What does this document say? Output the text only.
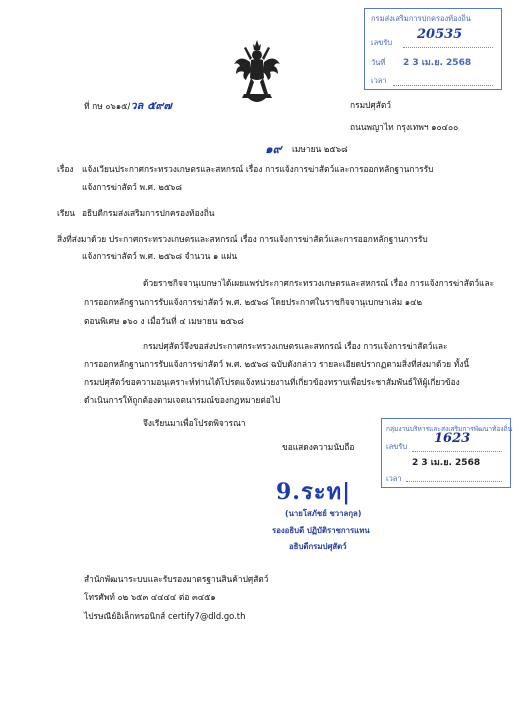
กรมส่งเสริมการปกครองท้องถิ่น
เลขรับ
20535
วันที่ 2 3 เม.ย. 2568
เวลา
ที่ กษ ๐๖๑๕/วล ๕๙๗	กรมปศุสัตว์
ถนนพญาไท กรุงเทพฯ ๑๐๔๐๐
๑๙ เมษายน ๒๕๖๘
เรื่อง แจ้งเวียนประกาศกระทรวงเกษตรและสหกรณ์ เรื่อง การแจ้งการฆ่าสัตว์และการออกหลักฐานการรับ
แจ้งการฆ่าสัตว์ พ.ศ. ๒๕๖๘
เรียน อธิบดีกรมส่งเสริมการปกครองท้องถิ่น
สิ่งที่ส่งมาด้วย ประกาศกระทรวงเกษตรและสหกรณ์ เรื่อง การแจ้งการฆ่าสัตว์และการออกหลักฐานการรับ
แจ้งการฆ่าสัตว์ พ.ศ. ๒๕๖๘ จำนวน ๑ แผ่น
ด้วยราชกิจจานุเบกษาได้เผยแพร่ประกาศกระทรวงเกษตรและสหกรณ์ เรื่อง การแจ้งการฆ่าสัตว์และ
การออกหลักฐานการรับแจ้งการฆ่าสัตว์ พ.ศ. ๒๕๖๘ โดยประกาศในราชกิจจานุเบกษาเล่ม ๑๔๒
ตอนพิเศษ ๑๖๐ ง เมื่อวันที่ ๔ เมษายน ๒๕๖๘
กรมปศุสัตว์จึงขอส่งประกาศกระทรวงเกษตรและสหกรณ์ เรื่อง การแจ้งการฆ่าสัตว์และ
การออกหลักฐานการรับแจ้งการฆ่าสัตว์ พ.ศ. ๒๕๖๘ ฉบับดังกล่าว รายละเอียดปรากฏตามสิ่งที่ส่งมาด้วย ทั้งนี้
กรมปศุสัตว์ขอความอนุเคราะห์ท่านได้โปรดแจ้งหน่วยงานที่เกี่ยวข้องทราบเพื่อประชาสัมพันธ์ให้ผู้เกี่ยวข้อง
ดำเนินการให้ถูกต้องตามเจตนารมณ์ของกฎหมายต่อไป
จึงเรียนมาเพื่อโปรดพิจารณา
ขอแสดงความนับถือ
กลุ่มงานบริหารและส่งเสริมการพัฒนาท้องถิ่น
เลขรับ
1623
2 3 เม.ย. 2568
เวลา
9.ระท|
(นายโสภัชย์ ชวาลกุล)
รองอธิบดี ปฏิบัติราชการแทน
อธิบดีกรมปศุสัตว์
สำนักพัฒนาระบบและรับรองมาตรฐานสินค้าปศุสัตว์
โทรศัพท์ ๐๒ ๖๕๓ ๔๔๔๔ ต่อ ๓๔๕๑
ไปรษณีย์อิเล็กทรอนิกส์ certify7@dld.go.th
